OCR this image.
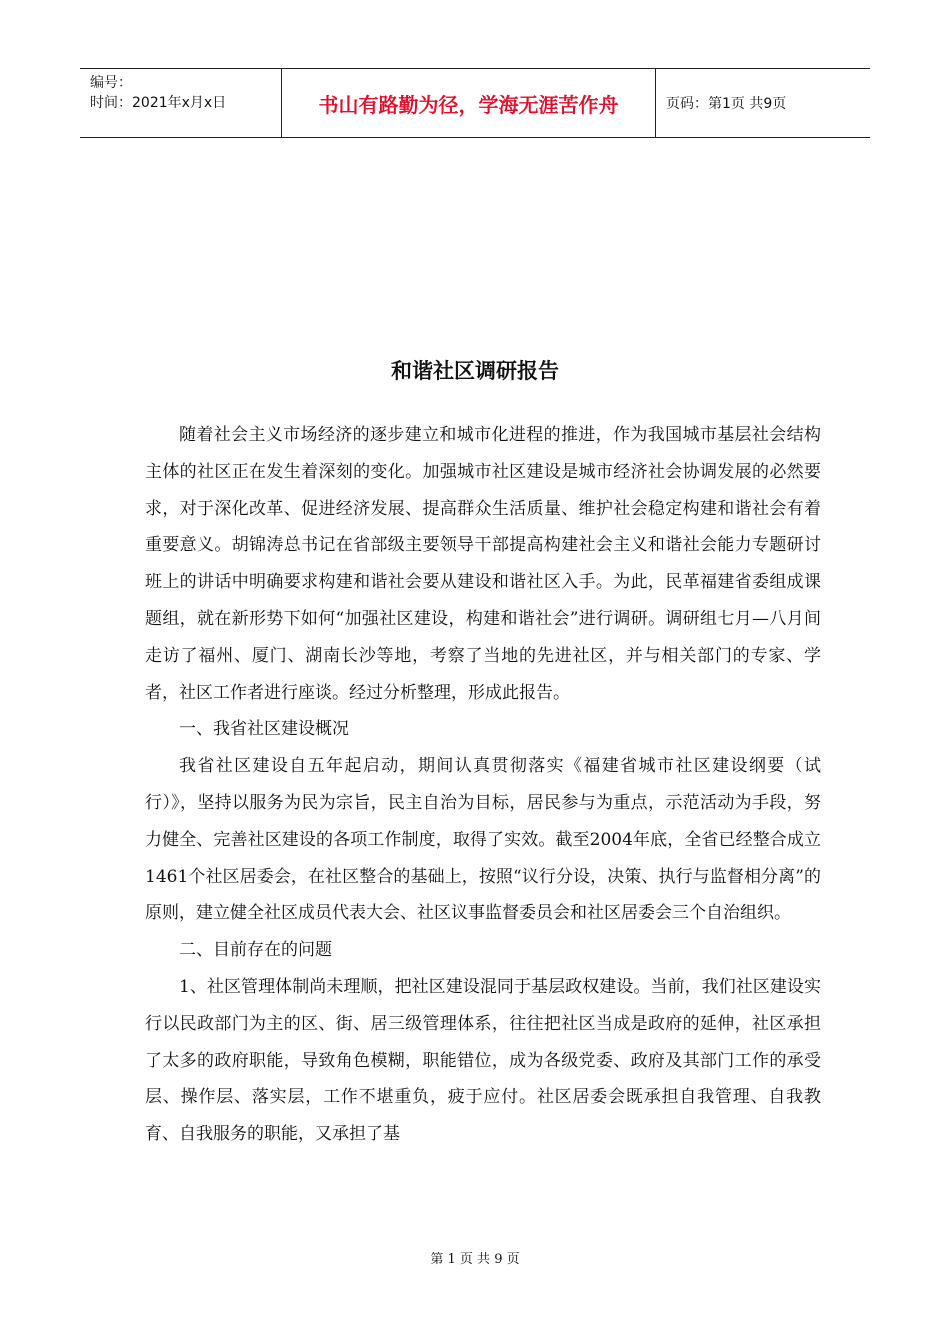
编号：
时间：2021年x月x日	书山有路勤为径，学海无涯苦作舟	页码：第1页 共9页
和谐社区调研报告

随着社会主义市场经济的逐步建立和城市化进程的推进，作为我国城市基层社会结构主体的社区正在发生着深刻的变化。加强城市社区建设是城市经济社会协调发展的必然要求，对于深化改革、促进经济发展、提高群众生活质量、维护社会稳定构建和谐社会有着重要意义。胡锦涛总书记在省部级主要领导干部提高构建社会主义和谐社会能力专题研讨班上的讲话中明确要求构建和谐社会要从建设和谐社区入手。为此，民革福建省委组成课题组，就在新形势下如何“加强社区建设，构建和谐社会”进行调研。调研组七月—八月间走访了福州、厦门、湖南长沙等地，考察了当地的先进社区，并与相关部门的专家、学者，社区工作者进行座谈。经过分析整理，形成此报告。

一、我省社区建设概况

我省社区建设自五年起启动，期间认真贯彻落实《福建省城市社区建设纲要（试行）》，坚持以服务为民为宗旨，民主自治为目标，居民参与为重点，示范活动为手段，努力健全、完善社区建设的各项工作制度，取得了实效。截至2004年底，全省已经整合成立1461个社区居委会，在社区整合的基础上，按照“议行分设，决策、执行与监督相分离”的原则，建立健全社区成员代表大会、社区议事监督委员会和社区居委会三个自治组织。

二、目前存在的问题

1、社区管理体制尚未理顺，把社区建设混同于基层政权建设。当前，我们社区建设实行以民政部门为主的区、街、居三级管理体系，往往把社区当成是政府的延伸，社区承担了太多的政府职能，导致角色模糊，职能错位，成为各级党委、政府及其部门工作的承受层、操作层、落实层，工作不堪重负，疲于应付。社区居委会既承担自我管理、自我教育、自我服务的职能，又承担了基

第 1 页 共 9 页
